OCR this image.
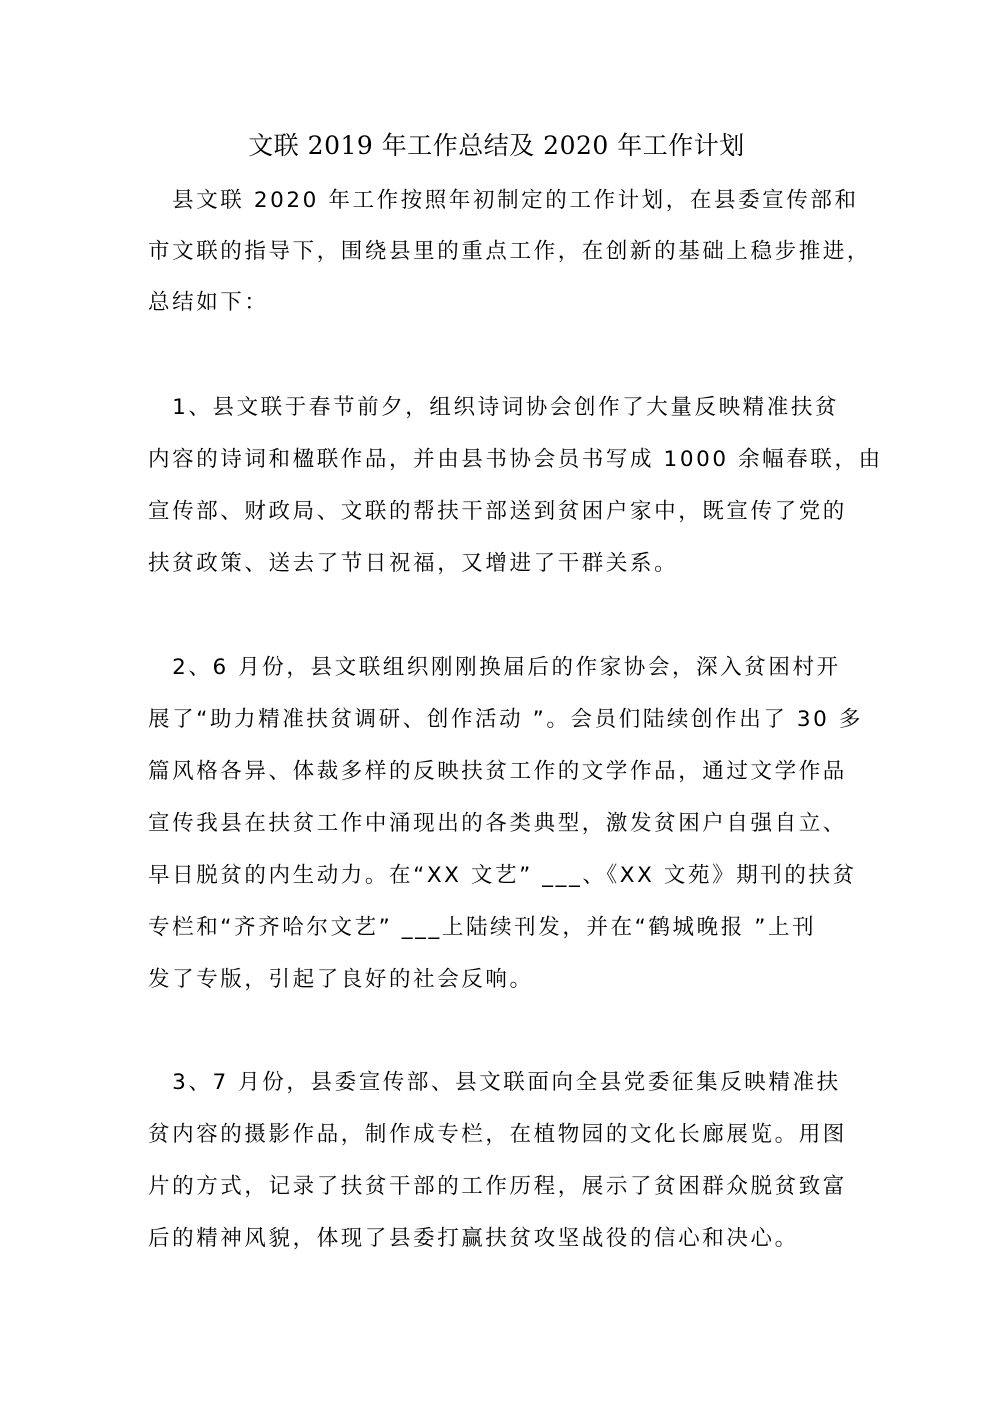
文联 2019 年工作总结及 2020 年工作计划
　县文联 2020 年工作按照年初制定的工作计划，在县委宣传部和
市文联的指导下，围绕县里的重点工作，在创新的基础上稳步推进，
总结如下：
　1、县文联于春节前夕，组织诗词协会创作了大量反映精准扶贫
内容的诗词和楹联作品，并由县书协会员书写成 1000 余幅春联，由
宣传部、财政局、文联的帮扶干部送到贫困户家中，既宣传了党的
扶贫政策、送去了节日祝福，又增进了干群关系。
　2、6 月份，县文联组织刚刚换届后的作家协会，深入贫困村开
展了“助力精准扶贫调研、创作活动 ”。会员们陆续创作出了 30 多
篇风格各异、体裁多样的反映扶贫工作的文学作品，通过文学作品
宣传我县在扶贫工作中涌现出的各类典型，激发贫困户自强自立、
早日脱贫的内生动力。在“XX 文艺” ___、《XX 文苑》期刊的扶贫
专栏和“齐齐哈尔文艺” ___上陆续刊发，并在“鹤城晚报 ”上刊
发了专版，引起了良好的社会反响。
　3、7 月份，县委宣传部、县文联面向全县党委征集反映精准扶
贫内容的摄影作品，制作成专栏，在植物园的文化长廊展览。用图
片的方式，记录了扶贫干部的工作历程，展示了贫困群众脱贫致富
后的精神风貌，体现了县委打赢扶贫攻坚战役的信心和决心。
